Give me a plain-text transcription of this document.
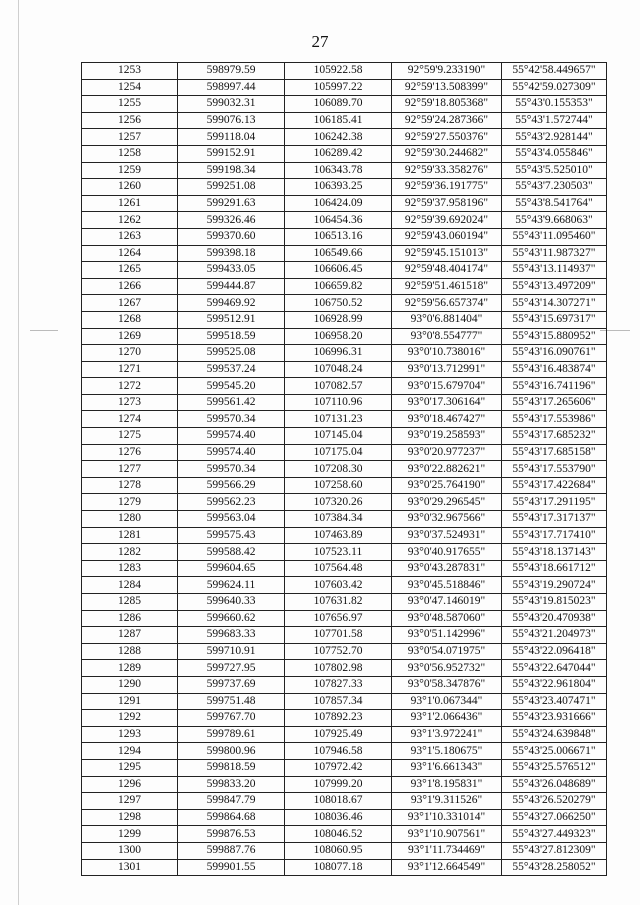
27
1253	598979.59	105922.58	92°59'9.233190"	55°42'58.449657"
1254	598997.44	105997.22	92°59'13.508399"	55°42'59.027309"
1255	599032.31	106089.70	92°59'18.805368"	55°43'0.155353"
1256	599076.13	106185.41	92°59'24.287366"	55°43'1.572744"
1257	599118.04	106242.38	92°59'27.550376"	55°43'2.928144"
1258	599152.91	106289.42	92°59'30.244682"	55°43'4.055846"
1259	599198.34	106343.78	92°59'33.358276"	55°43'5.525010"
1260	599251.08	106393.25	92°59'36.191775"	55°43'7.230503"
1261	599291.63	106424.09	92°59'37.958196"	55°43'8.541764"
1262	599326.46	106454.36	92°59'39.692024"	55°43'9.668063"
1263	599370.60	106513.16	92°59'43.060194"	55°43'11.095460"
1264	599398.18	106549.66	92°59'45.151013"	55°43'11.987327"
1265	599433.05	106606.45	92°59'48.404174"	55°43'13.114937"
1266	599444.87	106659.82	92°59'51.461518"	55°43'13.497209"
1267	599469.92	106750.52	92°59'56.657374"	55°43'14.307271"
1268	599512.91	106928.99	93°0'6.881404"	55°43'15.697317"
1269	599518.59	106958.20	93°0'8.554777"	55°43'15.880952"
1270	599525.08	106996.31	93°0'10.738016"	55°43'16.090761"
1271	599537.24	107048.24	93°0'13.712991"	55°43'16.483874"
1272	599545.20	107082.57	93°0'15.679704"	55°43'16.741196"
1273	599561.42	107110.96	93°0'17.306164"	55°43'17.265606"
1274	599570.34	107131.23	93°0'18.467427"	55°43'17.553986"
1275	599574.40	107145.04	93°0'19.258593"	55°43'17.685232"
1276	599574.40	107175.04	93°0'20.977237"	55°43'17.685158"
1277	599570.34	107208.30	93°0'22.882621"	55°43'17.553790"
1278	599566.29	107258.60	93°0'25.764190"	55°43'17.422684"
1279	599562.23	107320.26	93°0'29.296545"	55°43'17.291195"
1280	599563.04	107384.34	93°0'32.967566"	55°43'17.317137"
1281	599575.43	107463.89	93°0'37.524931"	55°43'17.717410"
1282	599588.42	107523.11	93°0'40.917655"	55°43'18.137143"
1283	599604.65	107564.48	93°0'43.287831"	55°43'18.661712"
1284	599624.11	107603.42	93°0'45.518846"	55°43'19.290724"
1285	599640.33	107631.82	93°0'47.146019"	55°43'19.815023"
1286	599660.62	107656.97	93°0'48.587060"	55°43'20.470938"
1287	599683.33	107701.58	93°0'51.142996"	55°43'21.204973"
1288	599710.91	107752.70	93°0'54.071975"	55°43'22.096418"
1289	599727.95	107802.98	93°0'56.952732"	55°43'22.647044"
1290	599737.69	107827.33	93°0'58.347876"	55°43'22.961804"
1291	599751.48	107857.34	93°1'0.067344"	55°43'23.407471"
1292	599767.70	107892.23	93°1'2.066436"	55°43'23.931666"
1293	599789.61	107925.49	93°1'3.972241"	55°43'24.639848"
1294	599800.96	107946.58	93°1'5.180675"	55°43'25.006671"
1295	599818.59	107972.42	93°1'6.661343"	55°43'25.576512"
1296	599833.20	107999.20	93°1'8.195831"	55°43'26.048689"
1297	599847.79	108018.67	93°1'9.311526"	55°43'26.520279"
1298	599864.68	108036.46	93°1'10.331014"	55°43'27.066250"
1299	599876.53	108046.52	93°1'10.907561"	55°43'27.449323"
1300	599887.76	108060.95	93°1'11.734469"	55°43'27.812309"
1301	599901.55	108077.18	93°1'12.664549"	55°43'28.258052"
